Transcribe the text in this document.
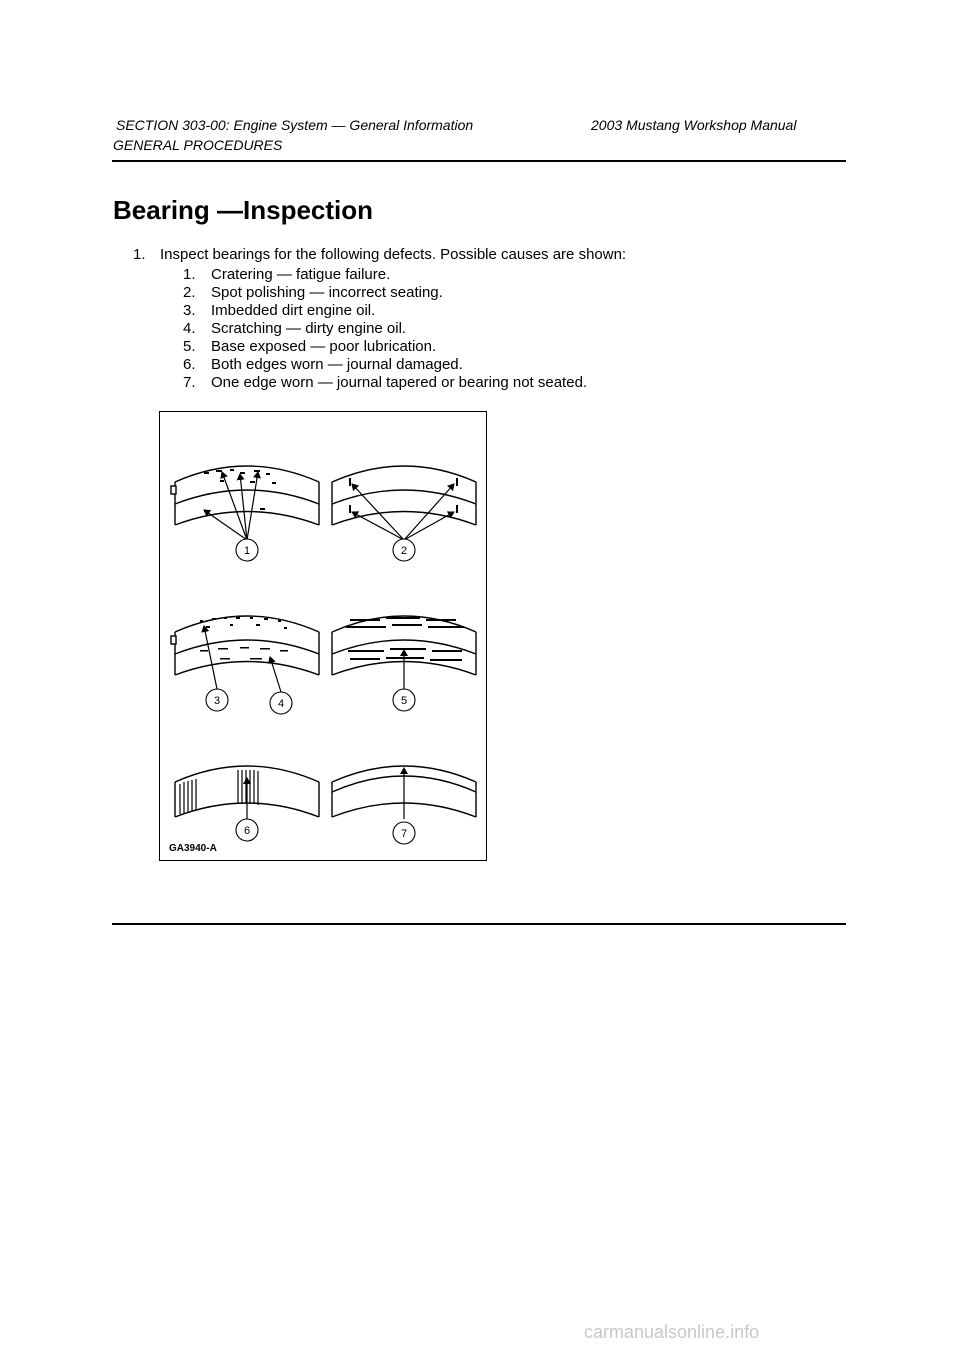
SECTION 303-00: Engine System — General Information	2003 Mustang Workshop Manual
GENERAL PROCEDURES
Bearing —Inspection
1. Inspect bearings for the following defects. Possible causes are shown:
1. Cratering — fatigue failure.
2. Spot polishing — incorrect seating.
3. Imbedded dirt engine oil.
4. Scratching — dirty engine oil.
5. Base exposed — poor lubrication.
6. Both edges worn — journal damaged.
7. One edge worn — journal tapered or bearing not seated.
1	2
3	4	5
6	7
GA3940-A
carmanualsonline.info
